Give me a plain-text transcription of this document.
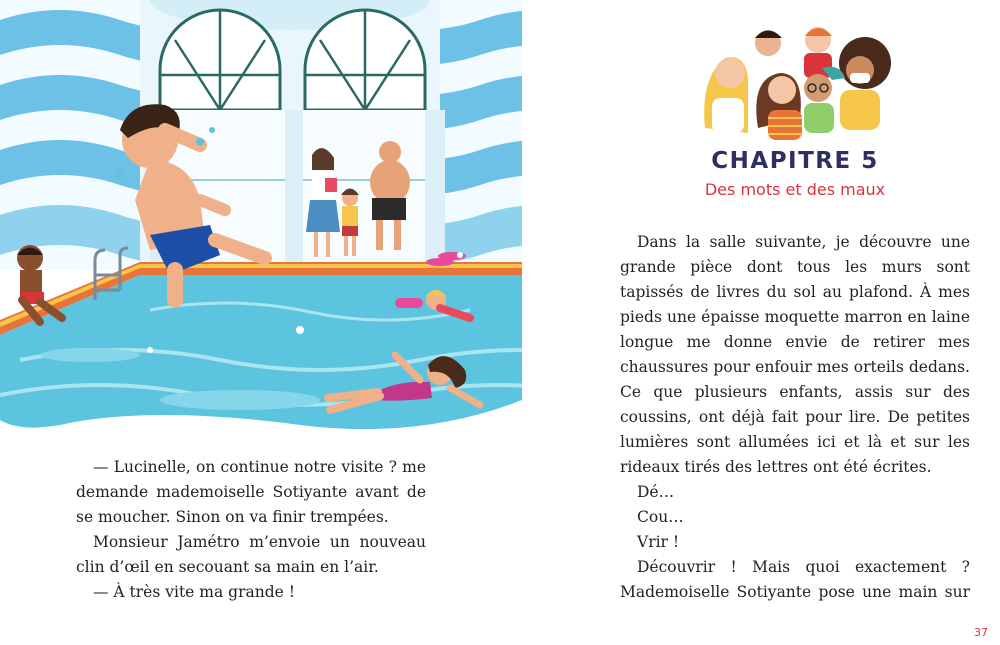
— Lucinelle, on continue notre visite ? me demande mademoiselle Sotiyante avant de se moucher. Sinon on va finir trempées.

Monsieur Jamétro m’envoie un nouveau clin d’œil en secouant sa main en l’air.

— À très vite ma grande !

CHAPITRE 5
Des mots et des maux

Dans la salle suivante, je découvre une grande pièce dont tous les murs sont tapissés de livres du sol au plafond. À mes pieds une épaisse moquette marron en laine longue me donne envie de retirer mes chaussures pour enfouir mes orteils dedans. Ce que plusieurs enfants, assis sur des coussins, ont déjà fait pour lire. De petites lumières sont allumées ici et là et sur les rideaux tirés des lettres ont été écrites.

Dé…

Cou…

Vrir !

Découvrir ! Mais quoi exactement ? Mademoiselle Sotiyante pose une main sur

37
